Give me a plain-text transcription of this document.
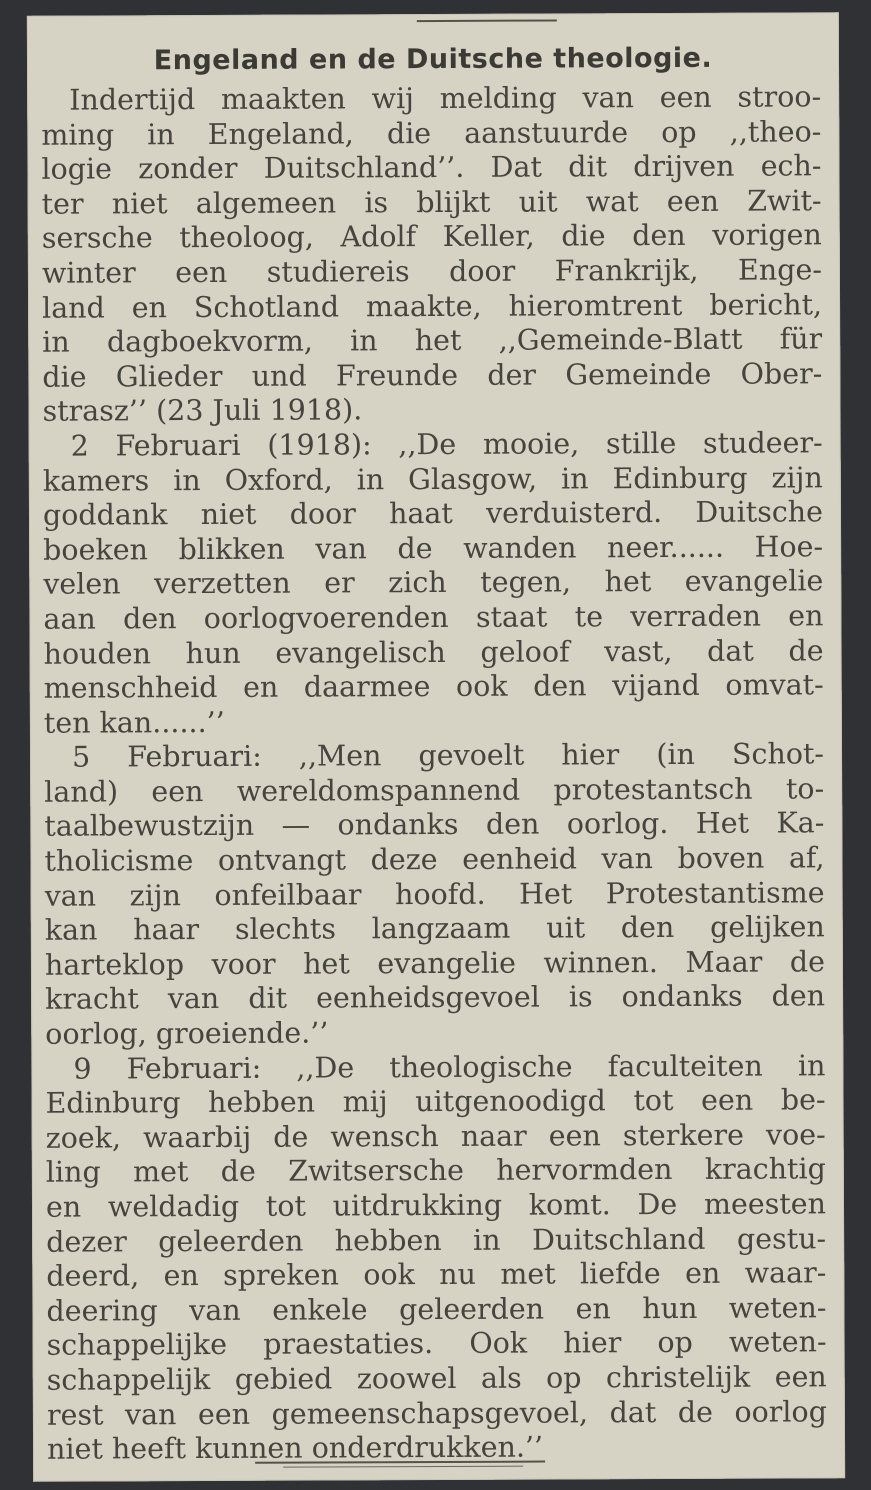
Engeland en de Duitsche theologie.
Indertijd maakten wij melding van een stroo-
ming in Engeland, die aanstuurde op ,,theo-
logie zonder Duitschland’’. Dat dit drijven ech-
ter niet algemeen is blijkt uit wat een Zwit-
sersche theoloog, Adolf Keller, die den vorigen
winter een studiereis door Frankrijk, Enge-
land en Schotland maakte, hieromtrent bericht,
in dagboekvorm, in het ,,Gemeinde-Blatt für
die Glieder und Freunde der Gemeinde Ober-
strasz’’ (23 Juli 1918).
2 Februari (1918): ,,De mooie, stille studeer-
kamers in Oxford, in Glasgow, in Edinburg zijn
goddank niet door haat verduisterd. Duitsche
boeken blikken van de wanden neer...... Hoe-
velen verzetten er zich tegen, het evangelie
aan den oorlogvoerenden staat te verraden en
houden hun evangelisch geloof vast, dat de
menschheid en daarmee ook den vijand omvat-
ten kan......’’
5 Februari: ,,Men gevoelt hier (in Schot-
land) een wereldomspannend protestantsch to-
taalbewustzijn — ondanks den oorlog. Het Ka-
tholicisme ontvangt deze eenheid van boven af,
van zijn onfeilbaar hoofd. Het Protestantisme
kan haar slechts langzaam uit den gelijken
harteklop voor het evangelie winnen. Maar de
kracht van dit eenheidsgevoel is ondanks den
oorlog, groeiende.’’
9 Februari: ,,De theologische faculteiten in
Edinburg hebben mij uitgenoodigd tot een be-
zoek, waarbij de wensch naar een sterkere voe-
ling met de Zwitsersche hervormden krachtig
en weldadig tot uitdrukking komt. De meesten
dezer geleerden hebben in Duitschland gestu-
deerd, en spreken ook nu met liefde en waar-
deering van enkele geleerden en hun weten-
schappelijke praestaties. Ook hier op weten-
schappelijk gebied zoowel als op christelijk een
rest van een gemeenschapsgevoel, dat de oorlog
niet heeft kunnen onderdrukken.’’
